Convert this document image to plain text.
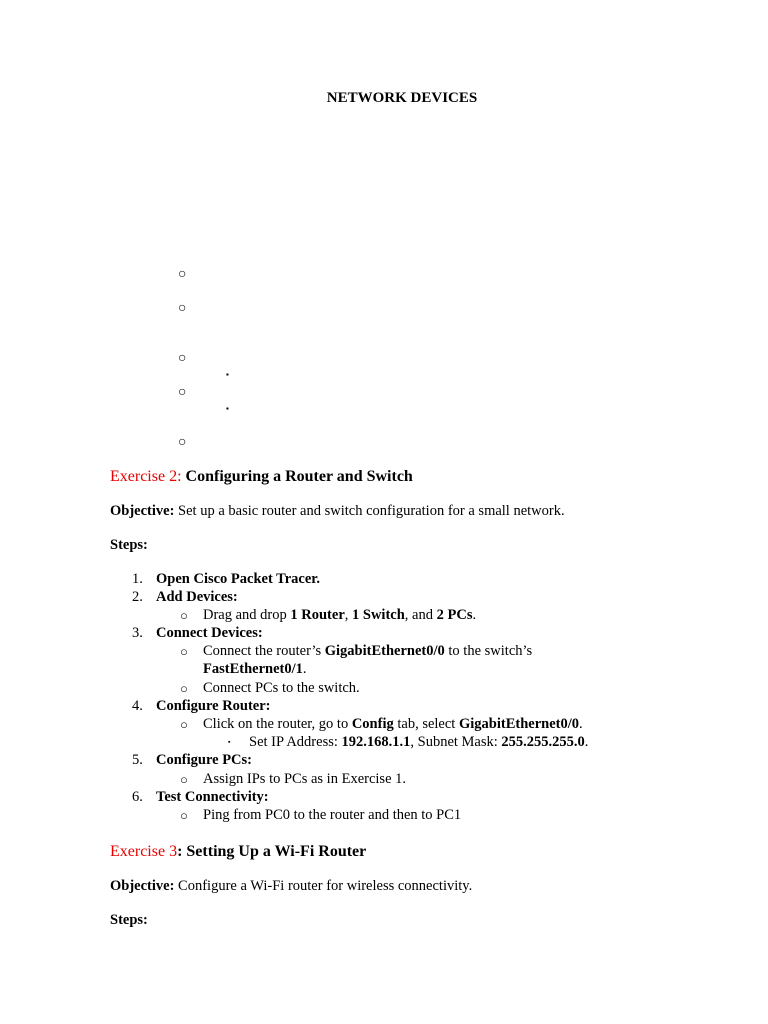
NETWORK DEVICES
○
○
○
▪
○
▪
○
Exercise 2: Configuring a Router and Switch
Objective: Set up a basic router and switch configuration for a small network.
Steps:
1. Open Cisco Packet Tracer.
2. Add Devices:
○ Drag and drop 1 Router, 1 Switch, and 2 PCs.
3. Connect Devices:
○ Connect the router’s GigabitEthernet0/0 to the switch’s
FastEthernet0/1.
○ Connect PCs to the switch.
4. Configure Router:
○ Click on the router, go to Config tab, select GigabitEthernet0/0.
▪ Set IP Address: 192.168.1.1, Subnet Mask: 255.255.255.0.
5. Configure PCs:
○ Assign IPs to PCs as in Exercise 1.
6. Test Connectivity:
○ Ping from PC0 to the router and then to PC1
Exercise 3: Setting Up a Wi-Fi Router
Objective: Configure a Wi-Fi router for wireless connectivity.
Steps:
